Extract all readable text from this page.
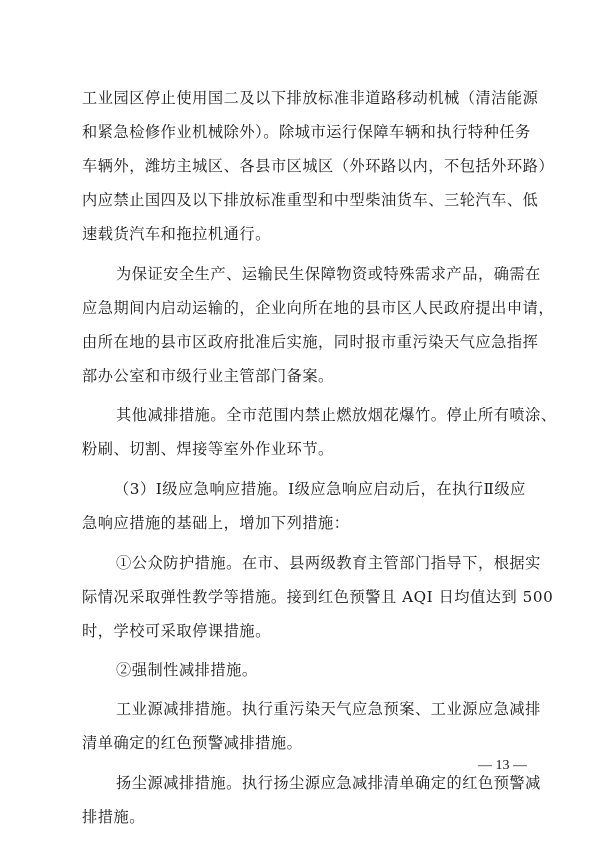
工业园区停止使用国二及以下排放标准非道路移动机械（清洁能源
和紧急检修作业机械除外）。除城市运行保障车辆和执行特种任务
车辆外，潍坊主城区、各县市区城区（外环路以内，不包括外环路）
内应禁止国四及以下排放标准重型和中型柴油货车、三轮汽车、低
速载货汽车和拖拉机通行。
为保证安全生产、运输民生保障物资或特殊需求产品，确需在
应急期间内启动运输的，企业向所在地的县市区人民政府提出申请，
由所在地的县市区政府批准后实施，同时报市重污染天气应急指挥
部办公室和市级行业主管部门备案。
其他减排措施。全市范围内禁止燃放烟花爆竹。停止所有喷涂、
粉刷、切割、焊接等室外作业环节。
（3）Ⅰ级应急响应措施。Ⅰ级应急响应启动后，在执行Ⅱ级应
急响应措施的基础上，增加下列措施：
①公众防护措施。在市、县两级教育主管部门指导下，根据实
际情况采取弹性教学等措施。接到红色预警且 AQI 日均值达到 500
时，学校可采取停课措施。
②强制性减排措施。
工业源减排措施。执行重污染天气应急预案、工业源应急减排
清单确定的红色预警减排措施。
扬尘源减排措施。执行扬尘源应急减排清单确定的红色预警减
排措施。
— 13 —
